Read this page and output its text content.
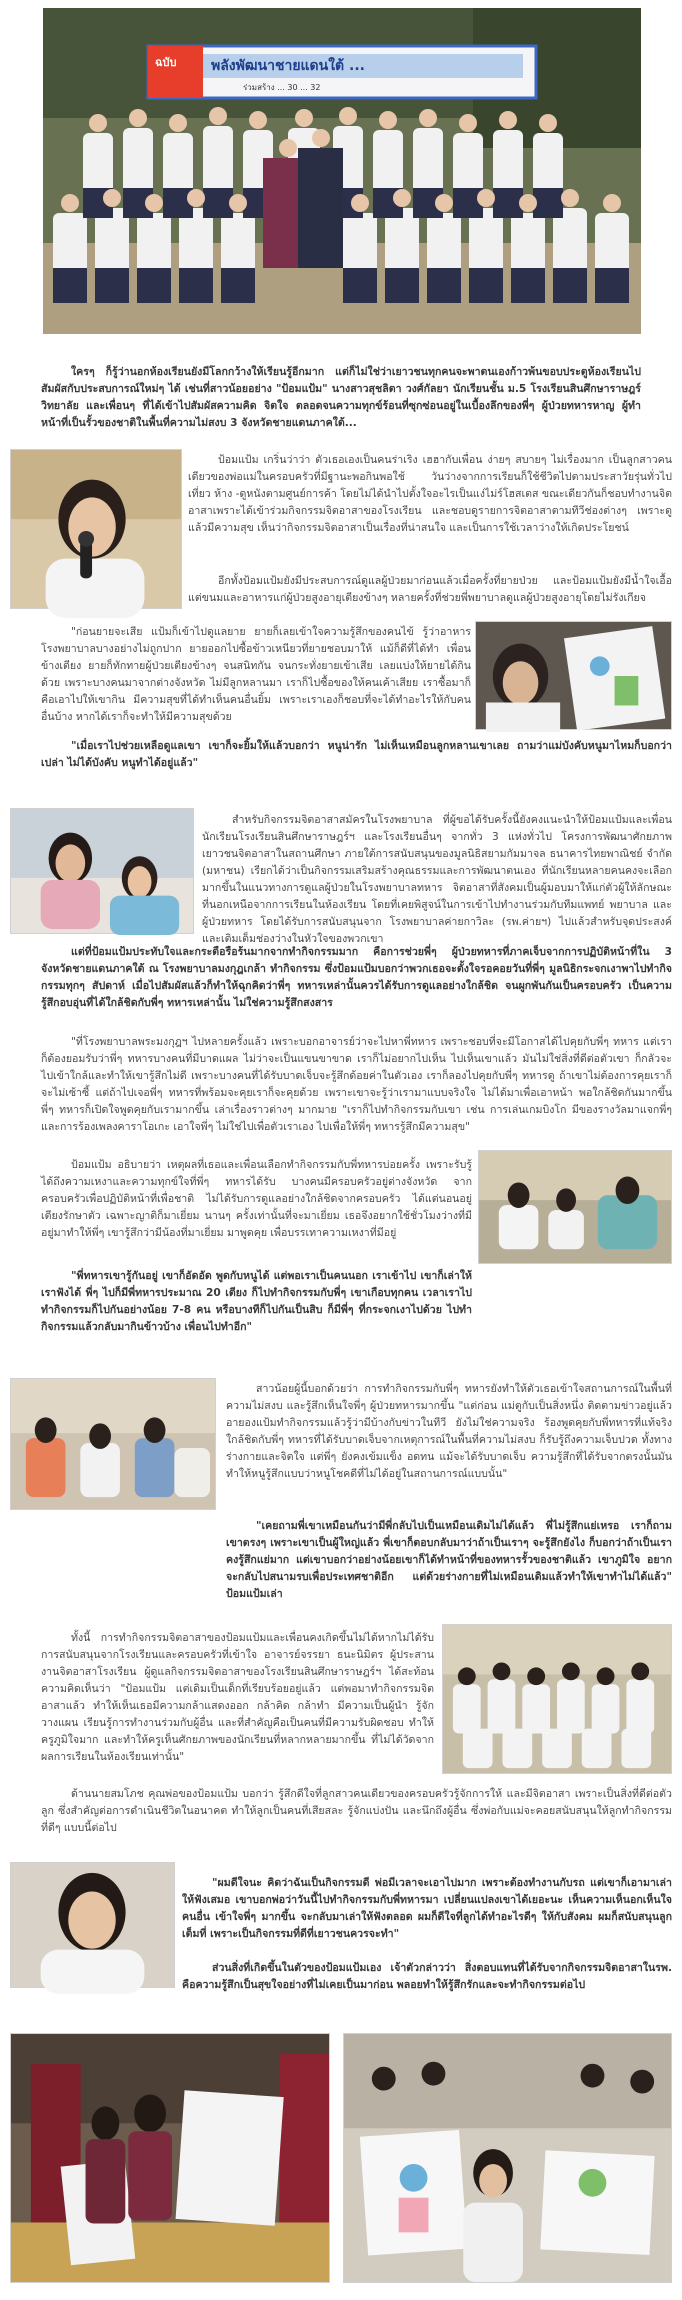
ฉบับ พลังพัฒนาชายแดนใต้ ...
ร่วมสร้าง ... 30 ... 32

ใครๆ ก็รู้ว่านอกห้องเรียนยังมีโลกกว้างให้เรียนรู้อีกมาก แต่ก็ไม่ใช่ว่าเยาวชนทุกคนจะพาตนเองก้าวพ้นขอบประตูห้องเรียนไปสัมผัสกับประสบการณ์ใหม่ๆ ได้ เช่นที่สาวน้อยอย่าง "ป้อมแป้ม" นางสาวสุชลิตา วงศ์กัลยา นักเรียนชั้น ม.5 โรงเรียนสินศึกษาราษฎร์วิทยาลัย และเพื่อนๆ ที่ได้เข้าไปสัมผัสความคิด จิตใจ ตลอดจนความทุกข์ร้อนที่ซุกซ่อนอยู่ในเบื้องลึกของพี่ๆ ผู้ป่วยทหารหาญ ผู้ทำหน้าที่เป็นรั้วของชาติในพื้นที่ความไม่สงบ 3 จังหวัดชายแดนภาคใต้...

ป้อมแป้ม เกริ่นว่าว่า ตัวเธอเองเป็นคนร่าเริง เฮฮากับเพื่อน ง่ายๆ สบายๆ ไม่เรื่องมาก เป็นลูกสาวคนเดียวของพ่อแม่ในครอบครัวที่มีฐานะพอกินพอใช้ วันว่างจากการเรียนก็ใช้ชีวิตไปตามประสาวัยรุ่นทั่วไป เที่ยว ห้าง -ดูหนังตามศูนย์การค้า โดยไม่ได้นำไปตั้งใจอะไรเป็นแง่ไม่ร์โฮสเตส ขณะเดียวกันก็ชอบทำงานจิตอาสาเพราะได้เข้าร่วมกิจกรรมจิตอาสาของโรงเรียน และชอบดูรายการจิตอาสาตามทีวีช่องต่างๆ เพราะดูแล้วมีความสุข เห็นว่ากิจกรรมจิตอาสาเป็นเรื่องที่น่าสนใจ และเป็นการใช้เวลาว่างให้เกิดประโยชน์

อีกทั้งป้อมแป้มยังมีประสบการณ์ดูแลผู้ป่วยมาก่อนแล้วเมื่อครั้งที่ยายป่วย และป้อมแป้มยังมีน้ำใจเอื้อแต่ขนมและอาหารแก่ผู้ป่วยสูงอายุเตียงข้างๆ หลายครั้งที่ช่วยพี่พยาบาลดูแลผู้ป่วยสูงอายุโดยไม่รังเกียจ

"ก่อนยายจะเสีย แป้มก็เข้าไปดูแลยาย ยายก็เลยเข้าใจความรู้สึกของคนไข้ รู้ว่าอาหารโรงพยาบาลบางอย่างไม่ถูกปาก ยายออกไปซื้อข้าวเหนียวที่ยายชอบมาให้ แม้ก็ดีที่ได้ทำ เพื่อนข้างเตียง ยายก็ทักทายผู้ป่วยเตียงข้างๆ จนสนิทกัน จนกระทั่งยายเข้าเสีย เลยแบ่งให้ยายได้กินด้วย เพราะบางคนมาจากต่างจังหวัด ไม่มีลูกหลานมา เราก็ไปซื้อของให้คนเค้าเสียย เราซื้อมาก็ คือเอาไปให้เขากิน มีความสุขที่ได้ทำเห็นคนอื่นยิ้ม เพราะเราเองก็ชอบที่จะได้ทำอะไรให้กับคนอื่นบ้าง หากได้เราก็จะทำให้มีความสุขด้วย

"เมื่อเราไปช่วยเหลือดูแลเขา เขาก็จะยิ้มให้แล้วบอกว่า หนูน่ารัก ไม่เห็นเหมือนลูกหลานเขาเลย ถามว่าแม่บังคับหนูมาไหมก็บอกว่าเปล่า ไม่ได้บังคับ หนูทำได้อยู่แล้ว"

สำหรับกิจกรรมจิตอาสาสมัครในโรงพยาบาล ที่ผู้ขอได้รับครั้งนี้ยังคงแนะนำให้ป้อมแป้มและเพื่อนนักเรียนโรงเรียนสินศึกษาราษฎร์ฯ และโรงเรียนอื่นๆ จากทั่ว 3 แห่งทั่วไป โครงการพัฒนาศักยภาพเยาวชนจิตอาสาในสถานศึกษา ภายใต้การสนับสนุนของมูลนิธิสยามกัมมาจล ธนาคารไทยพาณิชย์ จำกัด (มหาชน) เรียกได้ว่าเป็นกิจกรรมเสริมสร้างคุณธรรมและการพัฒนาตนเอง ที่นักเรียนหลายคนคงจะเลือกมากขึ้นในแนวทางการดูแลผู้ป่วยในโรงพยาบาลทหาร จิตอาสาที่สังคมเป็นผู้มอบมาให้แก่ตัวผู้ให้ลักษณะที่นอกเหนือจากการเรียนในห้องเรียน โดยที่เคยพิสูจน์ในการเข้าไปทำงานร่วมกับทีมแพทย์ พยาบาล และผู้ป่วยทหาร โดยได้รับการสนับสนุนจาก โรงพยาบาลค่ายกาวิละ (รพ.ค่ายฯ) ไปแล้วสำหรับจุดประสงค์ และเติมเต็มช่องว่างในหัวใจของพวกเขา

แต่ที่ป้อมแป้มประทับใจและกระตือรือร้นมากจากทำกิจกรรมมาก คือการช่วยพี่ๆ ผู้ป่วยทหารที่ภาคเจ็บจากการปฏิบัติหน้าที่ใน 3 จังหวัดชายแดนภาคใต้ ณ โรงพยาบาลมงกุฎเกล้า ทำกิจกรรม ซึ่งป้อมแป้มบอกว่าพวกเธอจะตั้งใจรอคอยวันที่พี่ๆ มูลนิธิกระจกเงาพาไปทำกิจกรรมทุกๆ สัปดาห์ เมื่อไปสัมผัสแล้วก็ทำให้ฉุกคิดว่าพี่ๆ ทหารเหล่านั้นควรได้รับการดูแลอย่างใกล้ชิด จนผูกพันกันเป็นครอบครัว เป็นความรู้สึกอบอุ่นที่ได้ใกล้ชิดกับพี่ๆ ทหารเหล่านั้น ไม่ใช่ความรู้สึกสงสาร

"ที่โรงพยาบาลพระมงกุฎฯ ไปหลายครั้งแล้ว เพราะบอกอาจารย์ว่าจะไปหาพี่ทหาร เพราะชอบที่จะมีโอกาสได้ไปคุยกับพี่ๆ ทหาร แต่เราก็ต้องยอมรับว่าพี่ๆ ทหารบางคนที่มีบาดแผล ไม่ว่าจะเป็นแขนขาขาด เราก็ไม่อยากไปเห็น ไปเห็นเขาแล้ว มันไม่ใช่สิ่งที่ดีต่อตัวเขา ก็กลัวจะไปเข้าใกล้และทำให้เขารู้สึกไม่ดี เพราะบางคนที่ได้รับบาดเจ็บจะรู้สึกด้อยค่าในตัวเอง เราก็ลองไปคุยกับพี่ๆ ทหารดู ถ้าเขาไม่ต้องการคุยเราก็จะไม่เซ้าซี้ แต่ถ้าไปเจอพี่ๆ ทหารที่พร้อมจะคุยเราก็จะคุยด้วย เพราะเขาจะรู้ว่าเรามาแบบจริงใจ ไม่ได้มาเพื่อเอาหน้า พอใกล้ชิดกันมากขึ้น พี่ๆ ทหารก็เปิดใจพูดคุยกับเรามากขึ้น เล่าเรื่องราวต่างๆ มากมาย "เราก็ไปทำกิจกรรมกับเขา เช่น การเล่นเกมบิงโก มีของรางวัลมาแจกพี่ๆ และการร้องเพลงคาราโอเกะ เอาใจพี่ๆ ไม่ใช่ไปเพื่อตัวเราเอง ไปเพื่อให้พี่ๆ ทหารรู้สึกมีความสุข"

ป้อมแป้ม อธิบายว่า เหตุผลที่เธอและเพื่อนเลือกทำกิจกรรมกับพี่ทหารบ่อยครั้ง เพราะรับรู้ได้ถึงความเหงาและความทุกข์ใจที่พี่ๆ ทหารได้รับ บางคนมีครอบครัวอยู่ต่างจังหวัด จากครอบครัวเพื่อปฏิบัติหน้าที่เพื่อชาติ ไม่ได้รับการดูแลอย่างใกล้ชิดจากครอบครัว ได้แต่นอนอยู่เตียงรักษาตัว เฉพาะญาติก็มาเยี่ยม นานๆ ครั้งเท่านั้นที่จะมาเยี่ยม เธอจึงอยากใช้ชั่วโมงว่างที่มีอยู่มาทำให้พี่ๆ เขารู้สึกว่ามีน้องที่มาเยี่ยม มาพูดคุย เพื่อบรรเทาความเหงาที่มีอยู่

"พี่ทหารเขารู้กันอยู่ เขาก็อัดอัด พูดกับหนูได้ แต่พอเราเป็นคนนอก เราเข้าไป เขาก็เล่าให้เราฟังได้ พี่ๆ ไปก็มีพี่ทหารประมาณ 20 เตียง ก็ไปทำกิจกรรมกับพี่ๆ เขาเกือบทุกคน เวลาเราไปทำกิจกรรมก็ไปกันอย่างน้อย 7-8 คน หรือบางทีก็ไปกันเป็นสิบ ก็มีพี่ๆ ที่กระจกเงาไปด้วย ไปทำกิจกรรมแล้วกลับมากินข้าวบ้าง เพื่อนไปทำอีก"

สาวน้อยผู้นี้บอกด้วยว่า การทำกิจกรรมกับพี่ๆ ทหารยังทำให้ตัวเธอเข้าใจสถานการณ์ในพื้นที่ความไม่สงบ และรู้สึกเห็นใจพี่ๆ ผู้ป่วยทหารมากขึ้น "แต่ก่อน แม่ตูกับเป็นสิ่งหนึ่ง ติดตามข่าวอยู่แล้ว อายองแป้มทำกิจกรรมแล้วรู้ว่ามีบ้างกับข่าวในทีวี ยังไม่ใช่ความจริง ร้องพูดคุยกับพี่ทหารที่แท้จริงใกล้ชิดกับพี่ๆ ทหารที่ได้รับบาดเจ็บจากเหตุการณ์ในพื้นที่ความไม่สงบ ก็รับรู้ถึงความเจ็บปวด ทั้งทางร่างกายและจิตใจ แต่พี่ๆ ยังคงเข้มแข็ง อดทน แม้จะได้รับบาดเจ็บ ความรู้สึกที่ได้รับจากตรงนั้นมันทำให้หนูรู้สึกแบบว่าหนูโชคดีที่ไม่ได้อยู่ในสถานการณ์แบบนั้น"

"เคยถามพี่เขาเหมือนกันว่ามีพี่กลับไปเป็นเหมือนเดิมไม่ได้แล้ว พี่ไม่รู้สึกแย่เหรอ เราก็ถามเขาตรงๆ เพราะเขาเป็นผู้ใหญ่แล้ว พี่เขาก็ตอบกลับมาว่าถ้าเป็นเราๆ จะรู้สึกยังไง ก็บอกว่าถ้าเป็นเราคงรู้สึกแย่มาก แต่เขาบอกว่าอย่างน้อยเขาก็ได้ทำหน้าที่ของทหารรั้วของชาติแล้ว เขาภูมิใจ อยากจะกลับไปสนามรบเพื่อประเทศชาติอีก แต่ด้วยร่างกายที่ไม่เหมือนเดิมแล้วทำให้เขาทำไม่ได้แล้ว" ป้อมแป้มเล่า

ทั้งนี้ การทำกิจกรรมจิตอาสาของป้อมแป้มและเพื่อนคงเกิดขึ้นไม่ได้หากไม่ได้รับการสนับสนุนจากโรงเรียนและครอบครัวที่เข้าใจ อาจารย์จรรยา ธนะนิมิตร ผู้ประสานงานจิตอาสาโรงเรียน ผู้ดูแลกิจกรรมจิตอาสาของโรงเรียนสินศึกษาราษฎร์ฯ ได้สะท้อนความคิดเห็นว่า "ป้อมแป้ม แต่เดิมเป็นเด็กที่เรียบร้อยอยู่แล้ว แต่พอมาทำกิจกรรมจิตอาสาแล้ว ทำให้เห็นเธอมีความกล้าแสดงออก กล้าคิด กล้าทำ มีความเป็นผู้นำ รู้จักวางแผน เรียนรู้การทำงานร่วมกับผู้อื่น และที่สำคัญคือเป็นคนที่มีความรับผิดชอบ ทำให้ครูภูมิใจมาก และทำให้ครูเห็นศักยภาพของนักเรียนที่หลากหลายมากขึ้น ที่ไม่ได้วัดจากผลการเรียนในห้องเรียนเท่านั้น"

ด้านนายสมโภช คุณพ่อของป้อมแป้ม บอกว่า รู้สึกดีใจที่ลูกสาวคนเดียวของครอบครัวรู้จักการให้ และมีจิตอาสา เพราะเป็นสิ่งที่ดีต่อตัวลูก ซึ่งสำคัญต่อการดำเนินชีวิตในอนาคต ทำให้ลูกเป็นคนที่เสียสละ รู้จักแบ่งปัน และนึกถึงผู้อื่น ซึ่งพ่อกับแม่จะคอยสนับสนุนให้ลูกทำกิจกรรมที่ดีๆ แบบนี้ต่อไป

"ผมดีใจนะ คิดว่าฉันเป็นกิจกรรมดี พ่อมีเวลาจะเอาไปมาก เพราะต้องทำงานกับรถ แต่เขาก็เอามาเล่าให้ฟังเสมอ เขาบอกพ่อว่าวันนี้ไปทำกิจกรรมกับพี่ทหารมา เปลี่ยนแปลงเขาได้เยอะนะ เห็นความเห็นอกเห็นใจคนอื่น เข้าใจพี่ๆ มากขึ้น จะกลับมาเล่าให้ฟังตลอด ผมก็ดีใจที่ลูกได้ทำอะไรดีๆ ให้กับสังคม ผมก็สนับสนุนลูกเต็มที่ เพราะเป็นกิจกรรมที่ดีที่เยาวชนควรจะทำ"

ส่วนสิ่งที่เกิดขึ้นในตัวของป้อมแป้มเอง เจ้าตัวกล่าวว่า สิ่งตอบแทนที่ได้รับจากกิจกรรมจิตอาสาในรพ. คือความรู้สึกเป็นสุขใจอย่างที่ไม่เคยเป็นมาก่อน พลอยทำให้รู้สึกรักและจะทำกิจกรรมต่อไป
